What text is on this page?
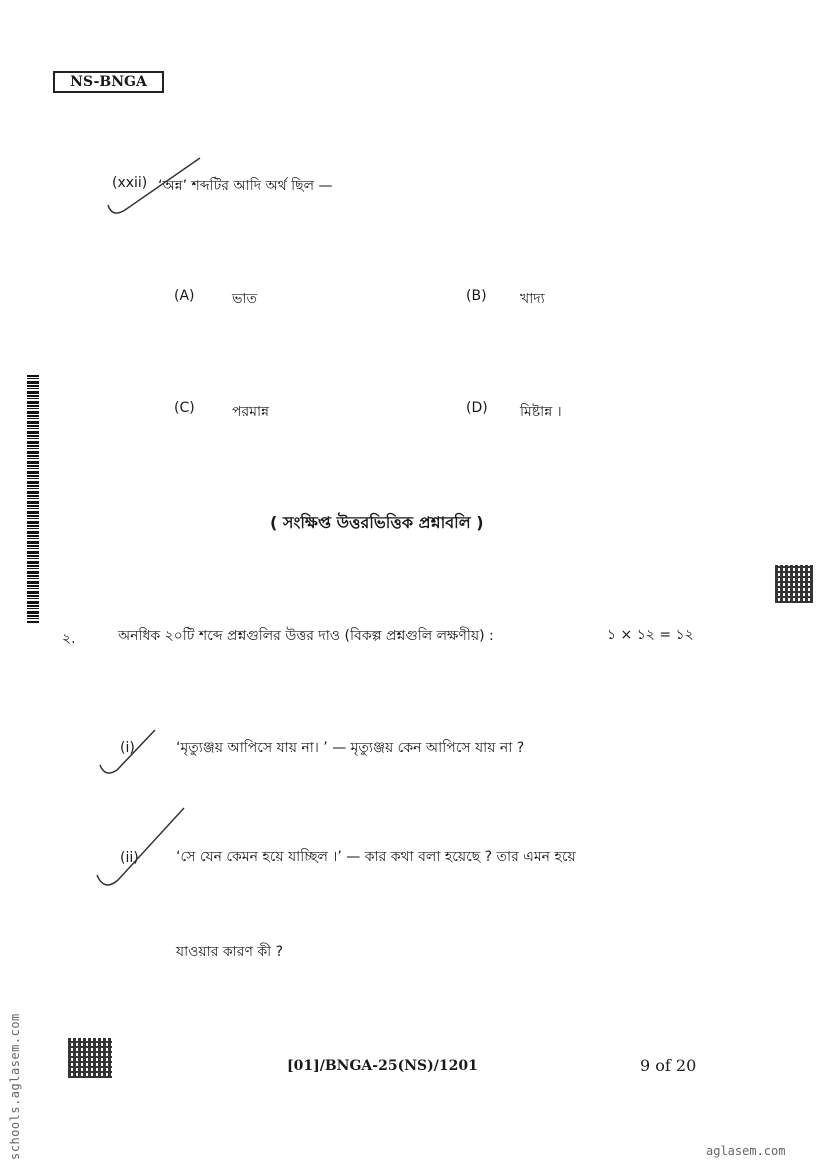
NS-BNGA
(xxii) ‘অন্ন’ শব্দটির আদি অর্থ ছিল —
(A)	ভাত	(B) খাদ্য
(C)	পরমান্ন	(D) মিষ্টান্ন ।
( সংক্ষিপ্ত উত্তরভিত্তিক প্রশ্নাবলি )
২.	অনধিক ২০টি শব্দে প্রশ্নগুলির উত্তর দাও (বিকল্প প্রশ্নগুলি লক্ষণীয়) :	১ × ১২ = ১২
(i)	‘মৃত্যুঞ্জয় আপিসে যায় না। ’ — মৃত্যুঞ্জয় কেন আপিসে যায় না ?
(ii)	‘সে যেন কেমন হয়ে যাচ্ছিল ।’ — কার কথা বলা হয়েছে ? তার এমন হয়ে
যাওয়ার কারণ কী ?
[01]/BNGA-25(NS)/1201	9 of 20
schools.aglasem.com	aglasem.com
